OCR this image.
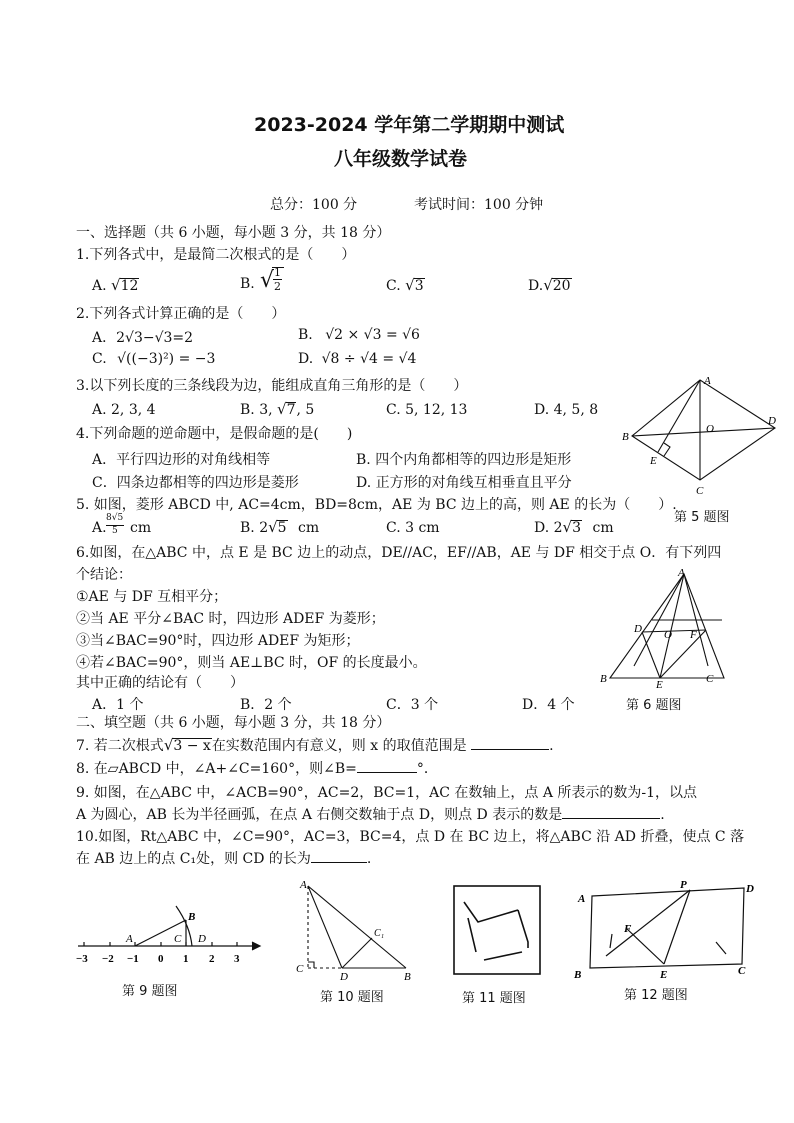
2023-2024 学年第二学期期中测试
八年级数学试卷
总分：100 分	考试时间：100 分钟
一、选择题（共 6 小题，每小题 3 分，共 18 分）
1.下列各式中，是最简二次根式的是（　　）
A. √12	B. √ 1
2	C. √3	D.√20
2.下列各式计算正确的是（　　）
A．2√3−√3=2	B. √2 × √3 = √6
C. √((−3)²) = −3	D. √8 ÷ √4 = √4
3.以下列长度的三条线段为边，能组成直角三角形的是（　　）
A. 2, 3, 4	B. 3, √7, 5	C. 5, 12, 13	D. 4, 5, 8
4.下列命题的逆命题中，是假命题的是(　　)
A．平行四边形的对角线相等	B. 四个内角都相等的四边形是矩形
C．四条边都相等的四边形是菱形	D. 正方形的对角线互相垂直且平分
5. 如图，菱形 ABCD 中, AC=4cm，BD=8cm，AE 为 BC 边上的高，则 AE 的长为（　　）.
A.
8√5
5 cm	B. 2√5 cm	C. 3 cm	D. 2√3 cm
A
B
O
D
E
C
第 5 题图
6.如图，在△ABC 中，点 E 是 BC 边上的动点，DE//AC，EF//AB，AE 与 DF 相交于点 O．有下列四
个结论：
①AE 与 DF 互相平分；
②当 AE 平分∠BAC 时，四边形 ADEF 为菱形；
③当∠BAC=90°时，四边形 ADEF 为矩形；
④若∠BAC=90°，则当 AE⊥BC 时，OF 的长度最小。
其中正确的结论有（　　）
A．1 个	B．2 个	C．3 个	D．4 个
A
D O F
B	E	C
第 6 题图
二、填空题（共 6 小题，每小题 3 分，共 18 分）
7. 若二次根式√3 − x在实数范围内有意义，则 x 的取值范围是	.
8. 在▱ABCD 中，∠A+∠C=160°，则∠B=	°．
9. 如图，在△ABC 中，∠ACB=90°，AC=2，BC=1，AC 在数轴上，点 A 所表示的数为-1，以点
A 为圆心，AB 长为半径画弧，在点 A 右侧交数轴于点 D，则点 D 表示的数是	.
10.如图，Rt△ABC 中，∠C=90°，AC=3，BC=4，点 D 在 BC 边上，将△ABC 沿 AD 折叠，使点 C 落
在 AB 边上的点 C₁处，则 CD 的长为	.
B
A	C D
−3 −2 −1 0 1 2 3
第 9 题图
A
C₁
C
D	B
第 10 题图	第 11 题图
A
P	D
F
B	E	C
第 12 题图
